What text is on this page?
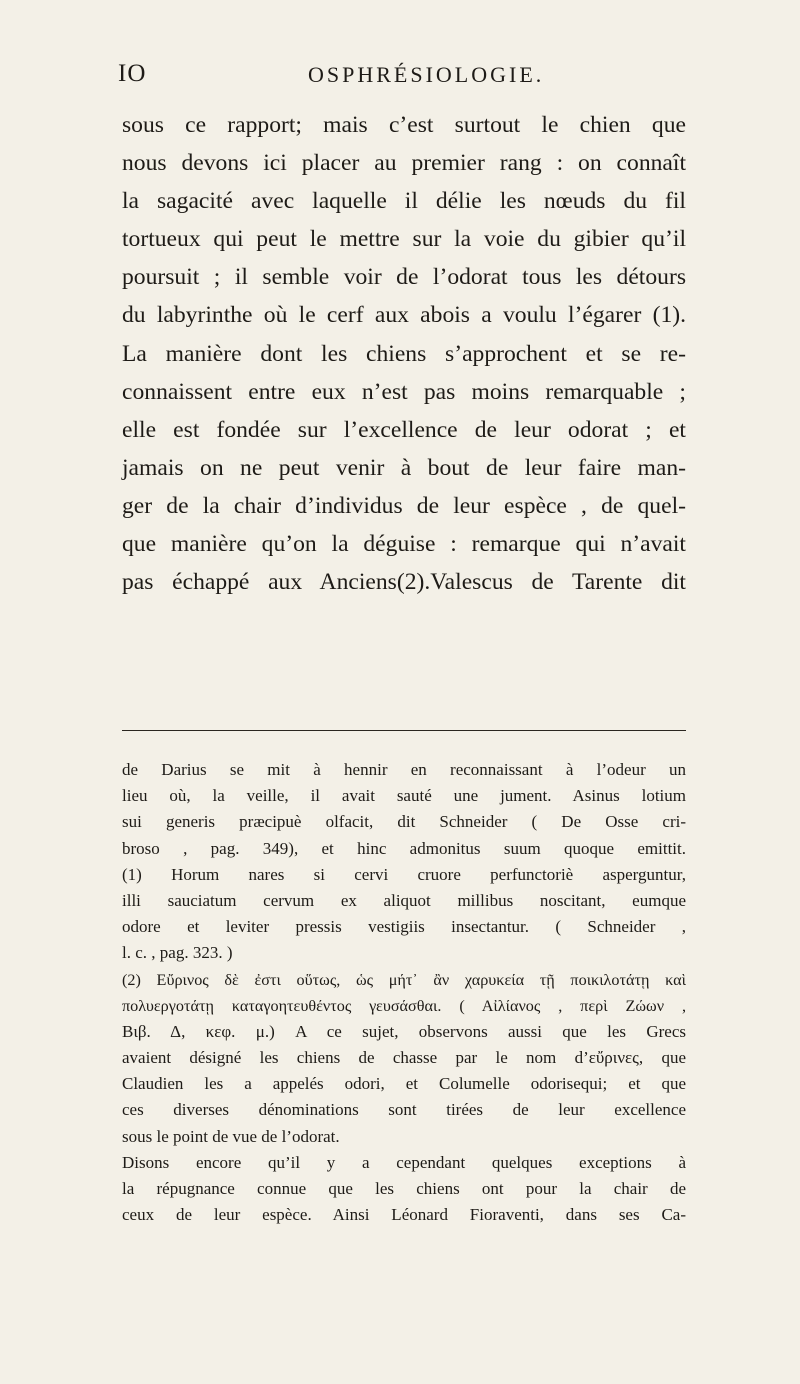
IO	OSPHRÉSIOLOGIE.
sous ce rapport; mais c’est surtout le chien que
nous devons ici placer au premier rang : on connaît
la sagacité avec laquelle il délie les nœuds du fil
tortueux qui peut le mettre sur la voie du gibier qu’il
poursuit ; il semble voir de l’odorat tous les détours
du labyrinthe où le cerf aux abois a voulu l’égarer (1).
La manière dont les chiens s’approchent et se re-
connaissent entre eux n’est pas moins remarquable ;
elle est fondée sur l’excellence de leur odorat ; et
jamais on ne peut venir à bout de leur faire man-
ger de la chair d’individus de leur espèce , de quel-
que manière qu’on la déguise : remarque qui n’avait
pas échappé aux Anciens(2).Valescus de Tarente dit
de Darius se mit à hennir en reconnaissant à l’odeur un
lieu où, la veille, il avait sauté une jument. Asinus lotium
sui generis præcipuè olfacit, dit Schneider ( De Osse cri-
broso , pag. 349), et hinc admonitus suum quoque emittit.
(1) Horum nares si cervi cruore perfunctoriè asperguntur,
illi sauciatum cervum ex aliquot millibus noscitant, eumque
odore et leviter pressis vestigiis insectantur. ( Schneider ,
l. c. , pag. 323. )
(2) Εὔρινος δὲ ἐστι οὕτως, ὡς μήτ᾽ ἂν χαρυκεία τῇ ποικιλοτάτῃ καὶ
πολυεργοτάτῃ καταγοητευθέντος γευσάσθαι. ( Αἰλίανος , περὶ Ζώων ,
Βιβ. Δ, κεφ. μ.) A ce sujet, observons aussi que les Grecs
avaient désigné les chiens de chasse par le nom d’εὔρινες, que
Claudien les a appelés odori, et Columelle odorisequi; et que
ces diverses dénominations sont tirées de leur excellence
sous le point de vue de l’odorat.
Disons encore qu’il y a cependant quelques exceptions à
la répugnance connue que les chiens ont pour la chair de
ceux de leur espèce. Ainsi Léonard Fioraventi, dans ses Ca-
